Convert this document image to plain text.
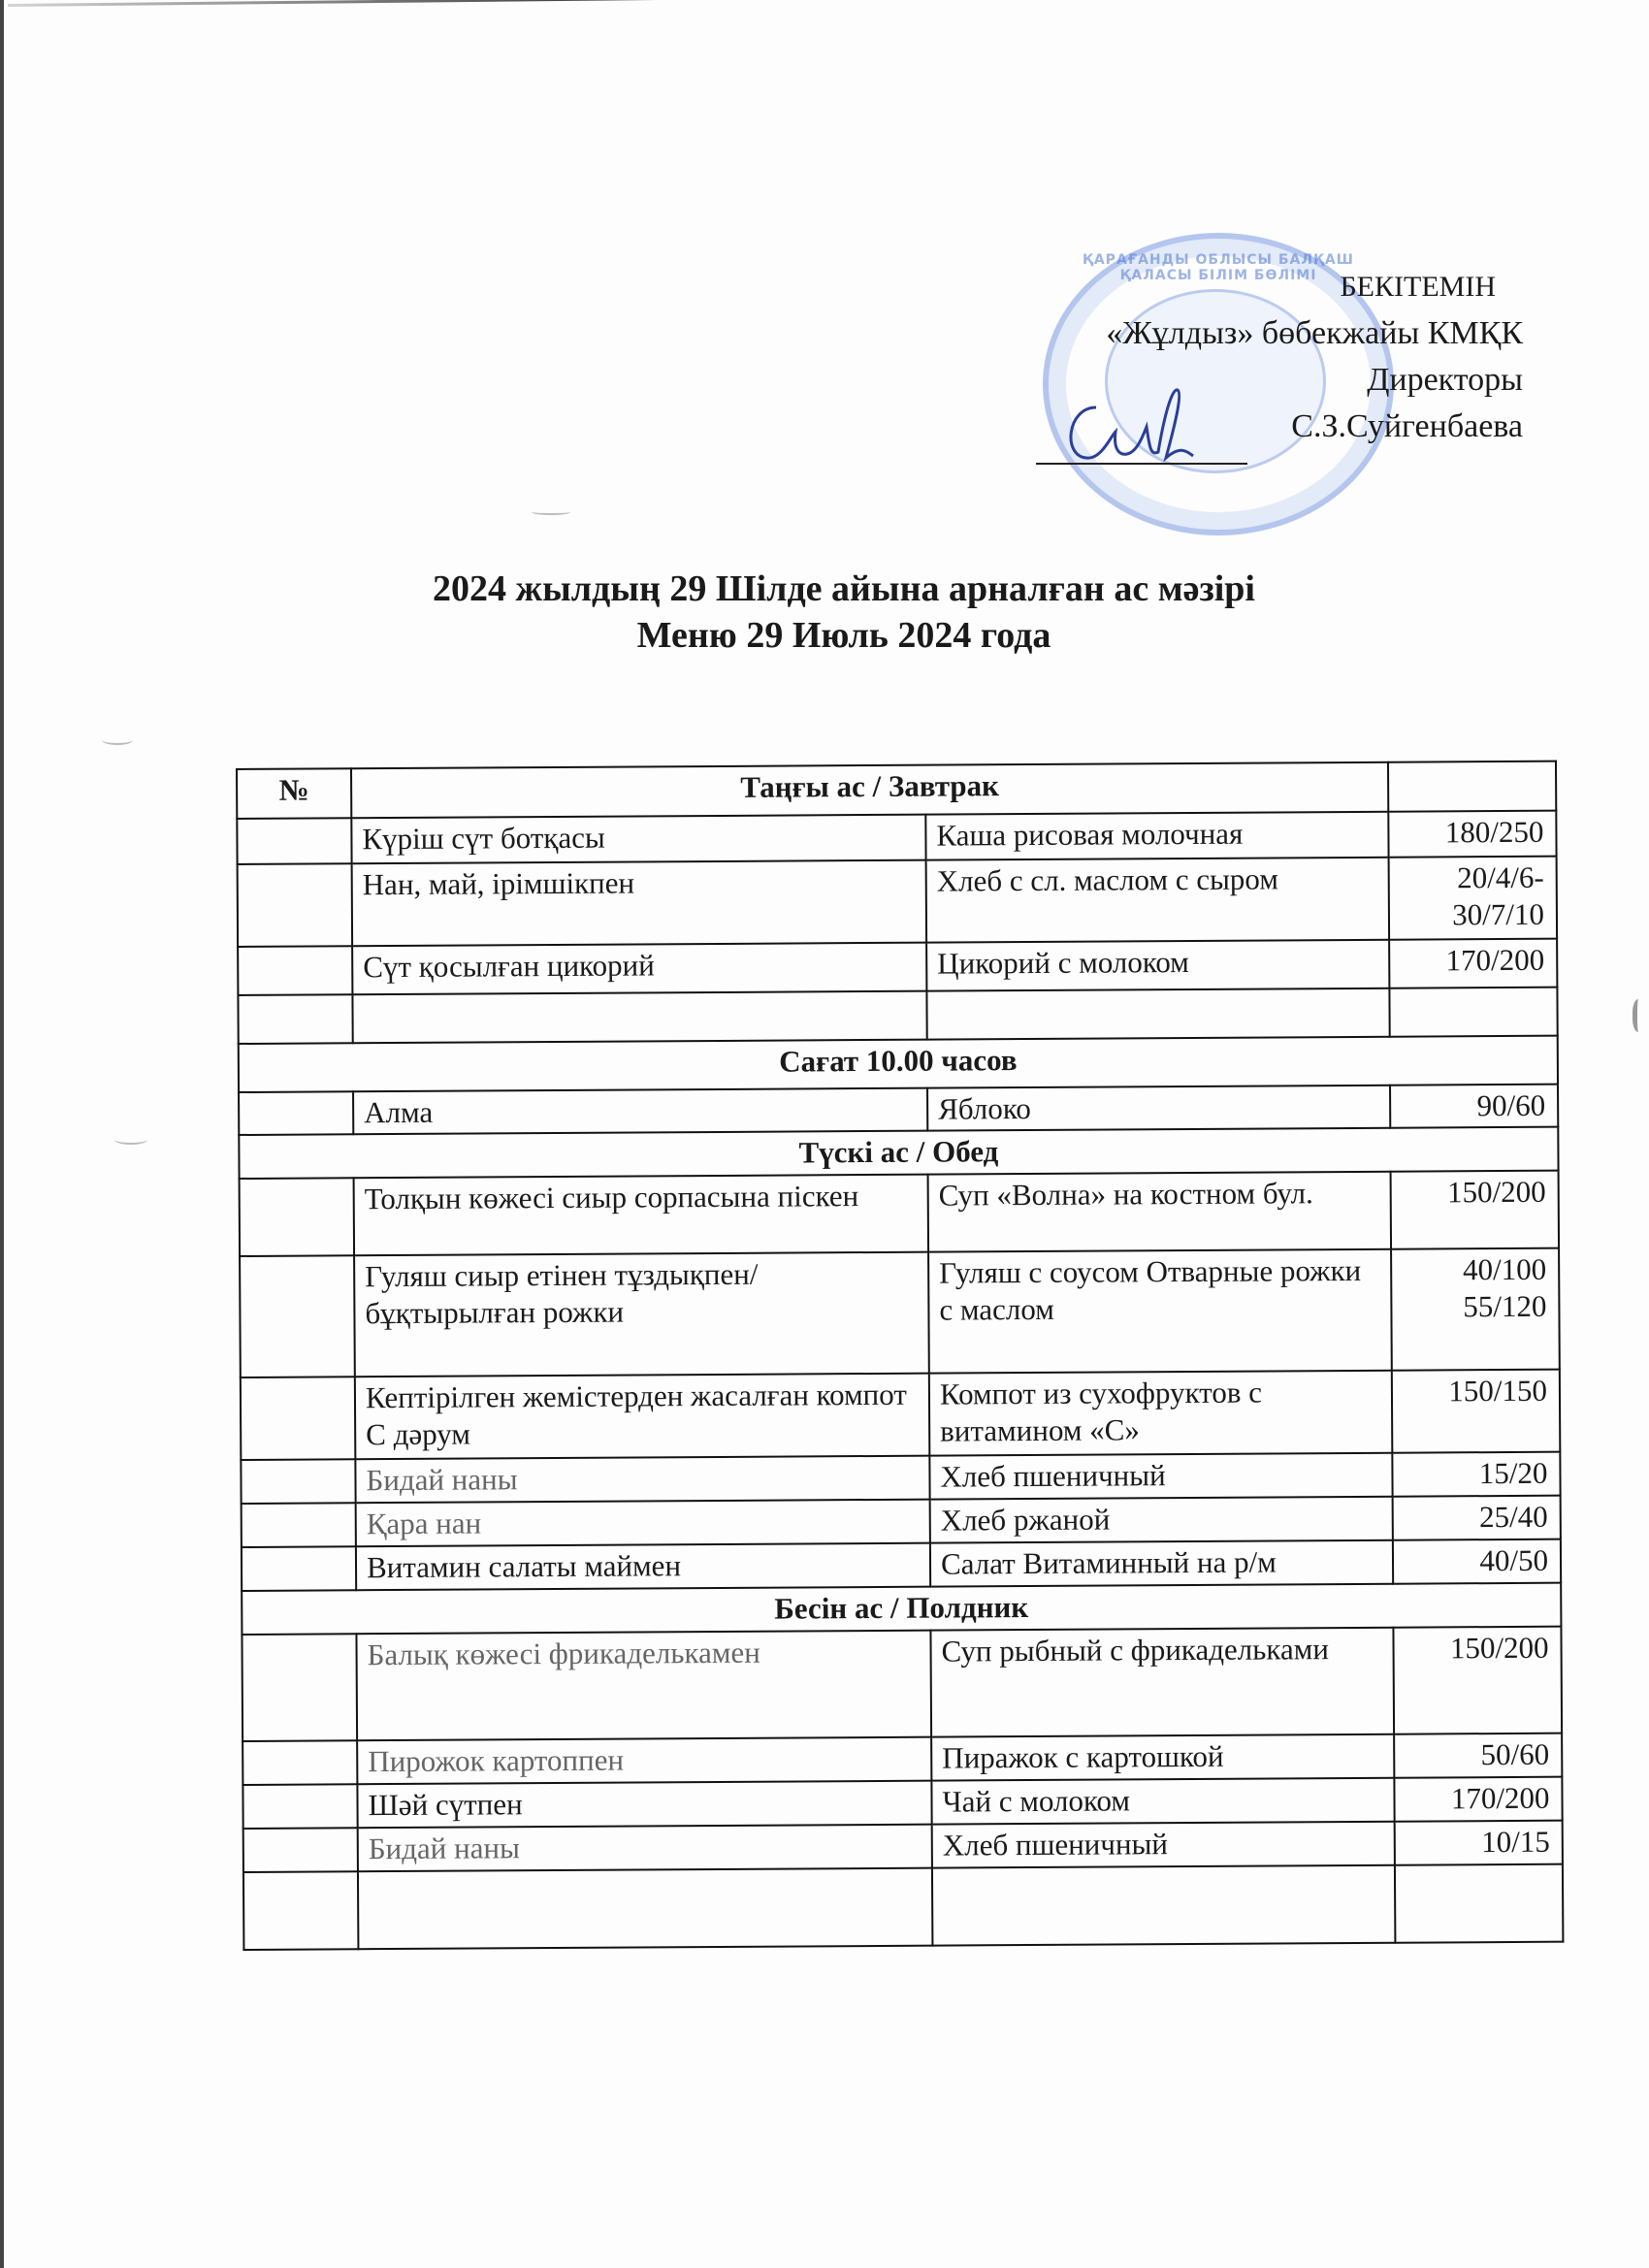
ҚАРАҒАНДЫ ОБЛЫСЫ БАЛҚАШ ҚАЛАСЫ БІЛІМ БӨЛІМІ БЕКІТЕМІН
«Жұлдыз» бөбекжайы КМҚК
Директоры
С.З.Суйгенбаева
2024 жылдың 29 Шілде айына арналған ас мәзірі
Меню 29 Июль 2024 года
№	Таңғы ас / Завтрак		
	Күріш сүт ботқасы	Каша рисовая молочная	180/250
	Нан, май, ірімшікпен	Хлеб с сл. маслом с сыром	20/4/6-30/7/10
	Сүт қосылған цикорий	Цикорий с молоком	170/200

Сағат 10.00 часов			
	Алма	Яблоко	90/60
Түскі ас / Обед			
	Толқын көжесі сиыр сорпасына піскен	Суп «Волна» на костном бул.	150/200
	Гуляш сиыр етінен тұздықпен/бұқтырылған рожки	Гуляш с соусом Отварные рожки с маслом	40/100 55/120
	Кептірілген жемістерден жасалған компот С дәрум	Компот из сухофруктов с витамином «С»	150/150
	Бидай наны	Хлеб пшеничный	15/20
	Қара нан	Хлеб ржаной	25/40
	Витамин салаты маймен	Салат Витаминный на р/м	40/50
Бесін ас / Полдник			
	Балық көжесі фрикаделькамен	Суп рыбный с фрикадельками	150/200
	Пирожок картоппен	Пиражок с картошкой	50/60
	Шәй сүтпен	Чай с молоком	170/200
	Бидай наны	Хлеб пшеничный	10/15
